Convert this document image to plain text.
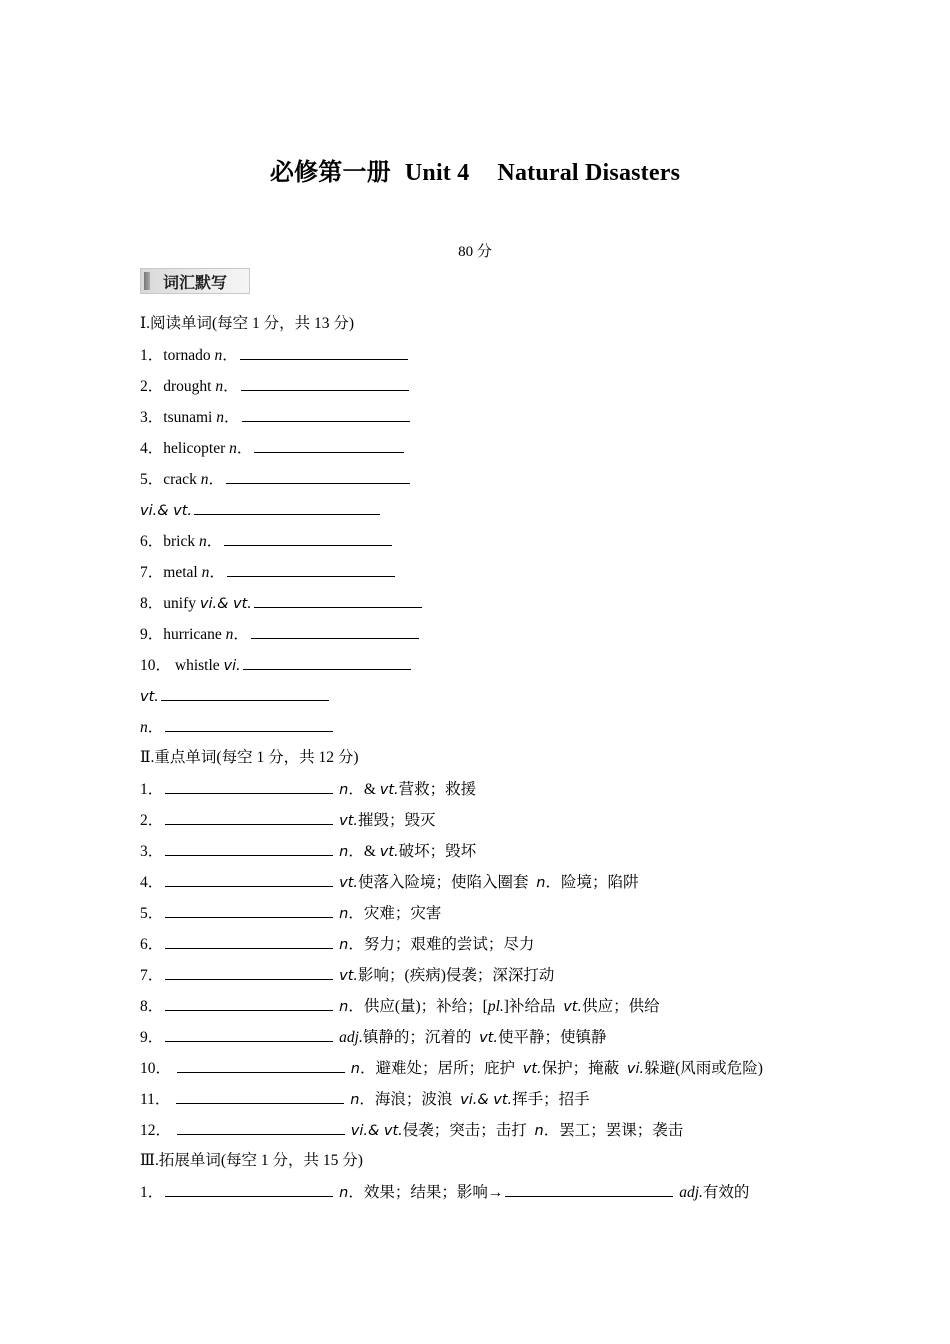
必修第一册 Unit 4 Natural Disasters
80 分
词汇默写
Ⅰ.阅读单词(每空 1 分，共 13 分)
1．tornado n．
2．drought n．
3．tsunami n．
4．helicopter n．
5．crack n．
vi.& vt.
6．brick n．
7．metal n．
8．unify vi.& vt.
9．hurricane n．
10． whistle vi.
vt.
n．
Ⅱ.重点单词(每空 1 分，共 12 分)
1．	n．& vt.营救；救援
2．	vt.摧毁；毁灭
3．	n．& vt.破坏；毁坏
4．	vt.使落入险境；使陷入圈套 n．险境；陷阱
5．	n．灾难；灾害
6．	n．努力；艰难的尝试；尽力
7．	vt.影响；(疾病)侵袭；深深打动
8．	n．供应(量)；补给；[pl.]补给品 vt.供应；供给
9．	adj.镇静的；沉着的 vt.使平静；使镇静
10．	n．避难处；居所；庇护 vt.保护；掩蔽 vi.躲避(风雨或危险)
11．	n．海浪；波浪 vi.& vt.挥手；招手
12．	vi.& vt.侵袭；突击；击打 n．罢工；罢课；袭击
Ⅲ.拓展单词(每空 1 分，共 15 分)
1．	n．效果；结果；影响→	adj.有效的
